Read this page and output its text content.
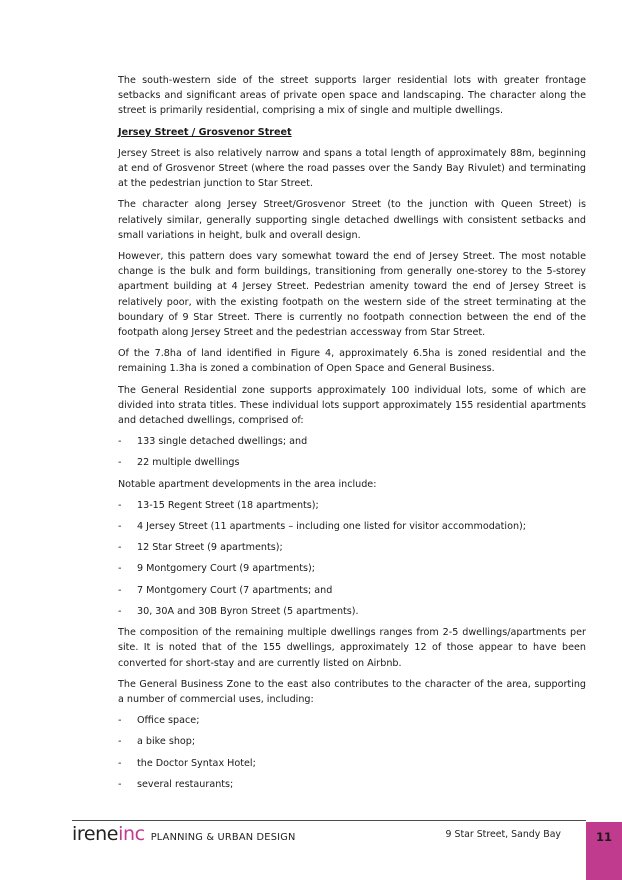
The south-western side of the street supports larger residential lots with greater frontage setbacks and significant areas of private open space and landscaping. The character along the street is primarily residential, comprising a mix of single and multiple dwellings.

Jersey Street / Grosvenor Street

Jersey Street is also relatively narrow and spans a total length of approximately 88m, beginning at end of Grosvenor Street (where the road passes over the Sandy Bay Rivulet) and terminating at the pedestrian junction to Star Street.

The character along Jersey Street/Grosvenor Street (to the junction with Queen Street) is relatively similar, generally supporting single detached dwellings with consistent setbacks and small variations in height, bulk and overall design.

However, this pattern does vary somewhat toward the end of Jersey Street. The most notable change is the bulk and form buildings, transitioning from generally one-storey to the 5-storey apartment building at 4 Jersey Street. Pedestrian amenity toward the end of Jersey Street is relatively poor, with the existing footpath on the western side of the street terminating at the boundary of 9 Star Street. There is currently no footpath connection between the end of the footpath along Jersey Street and the pedestrian accessway from Star Street.

Of the 7.8ha of land identified in Figure 4, approximately 6.5ha is zoned residential and the remaining 1.3ha is zoned a combination of Open Space and General Business.

The General Residential zone supports approximately 100 individual lots, some of which are divided into strata titles. These individual lots support approximately 155 residential apartments and detached dwellings, comprised of:

- 133 single detached dwellings; and
- 22 multiple dwellings

Notable apartment developments in the area include:

- 13-15 Regent Street (18 apartments);
- 4 Jersey Street (11 apartments – including one listed for visitor accommodation);
- 12 Star Street (9 apartments);
- 9 Montgomery Court (9 apartments);
- 7 Montgomery Court (7 apartments; and
- 30, 30A and 30B Byron Street (5 apartments).

The composition of the remaining multiple dwellings ranges from 2-5 dwellings/apartments per site. It is noted that of the 155 dwellings, approximately 12 of those appear to have been converted for short-stay and are currently listed on Airbnb.

The General Business Zone to the east also contributes to the character of the area, supporting a number of commercial uses, including:

- Office space;
- a bike shop;
- the Doctor Syntax Hotel;
- several restaurants;
ireneinc PLANNING & URBAN DESIGN	9 Star Street, Sandy Bay	11
